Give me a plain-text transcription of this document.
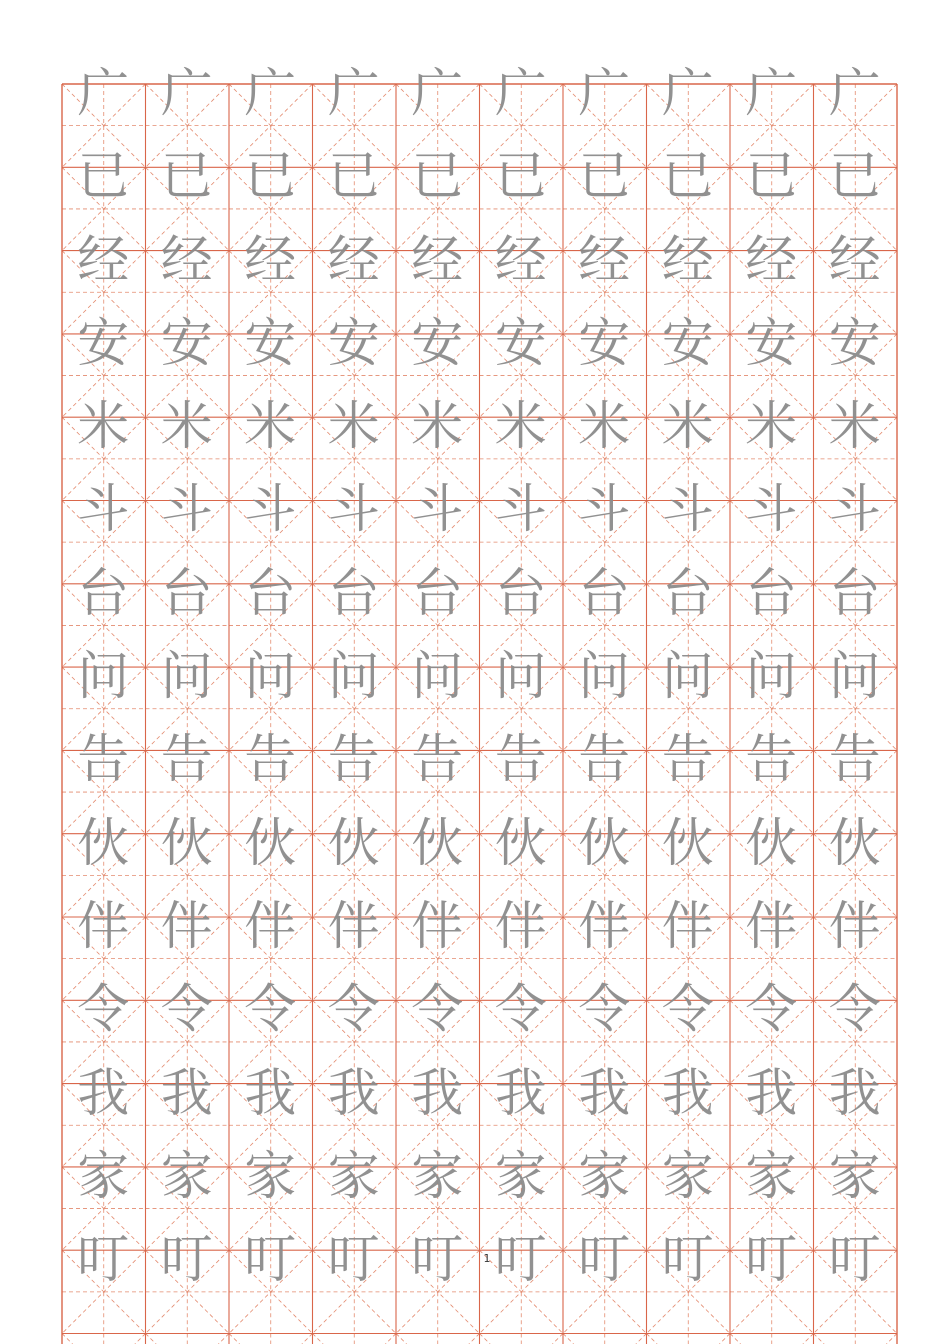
广 广 广 广 广 广 广 广 广 广
已 已 已 已 已 已 已 已 已 已
经 经 经 经 经 经 经 经 经 经
安 安 安 安 安 安 安 安 安 安
米 米 米 米 米 米 米 米 米 米
斗 斗 斗 斗 斗 斗 斗 斗 斗 斗
台 台 台 台 台 台 台 台 台 台
问 问 问 问 问 问 问 问 问 问
告 告 告 告 告 告 告 告 告 告
伙 伙 伙 伙 伙 伙 伙 伙 伙 伙
伴 伴 伴 伴 伴 伴 伴 伴 伴 伴
令 令 令 令 令 令 令 令 令 令
我 我 我 我 我 我 我 我 我 我
家 家 家 家 家 家 家 家 家 家
叮 叮 叮 叮 叮 叮 叮 叮 叮 叮
1
